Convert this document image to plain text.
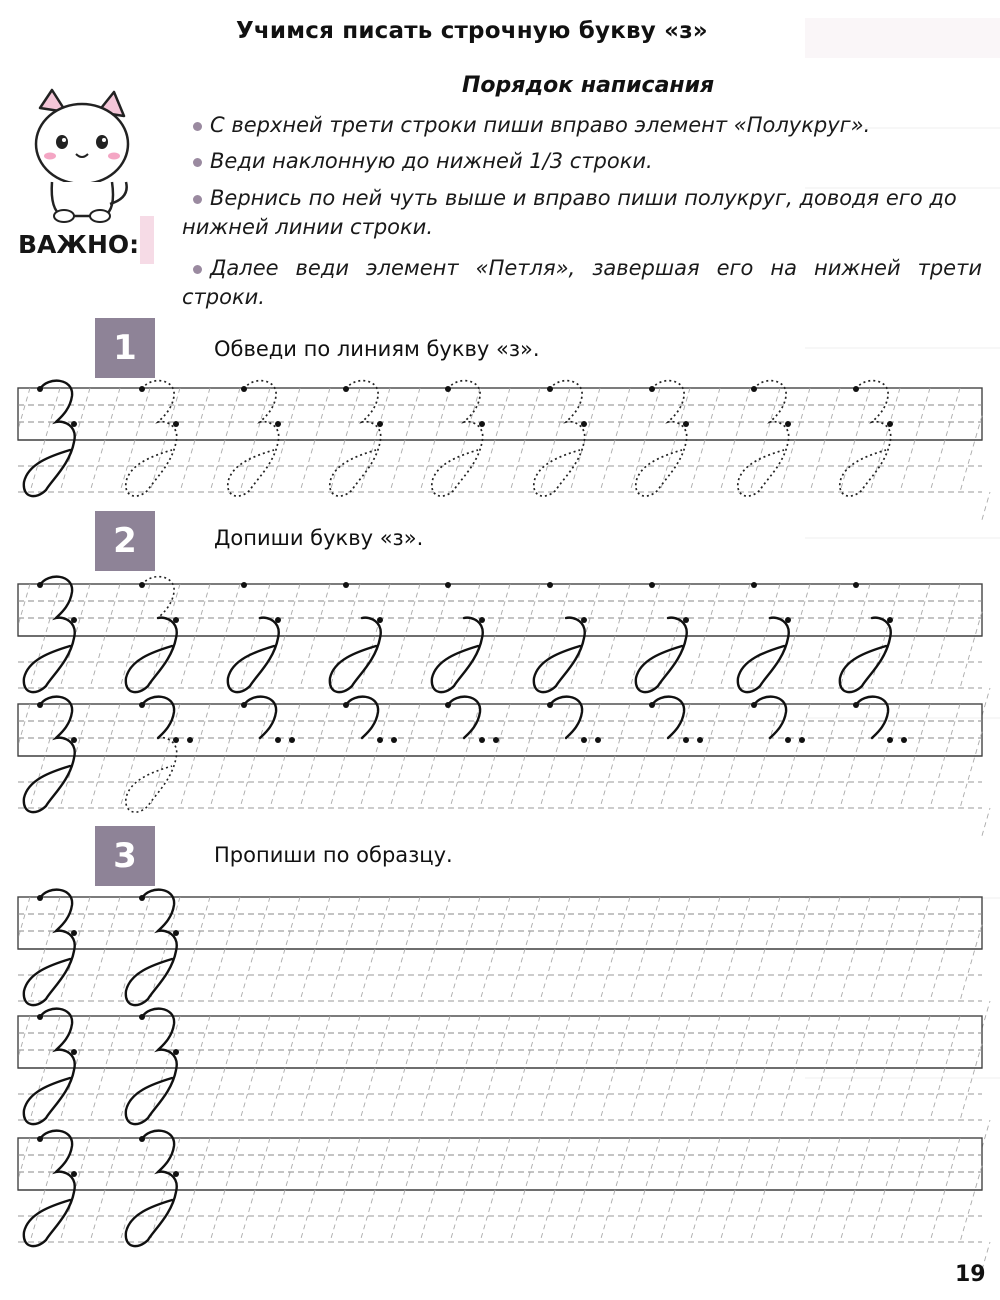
Учимся писать строчную букву «з»
Порядок написания
ВАЖНО:
С верхней трети строки пиши вправо элемент «Полукруг».
Веди наклонную до нижней 1/3 строки.
Вернись по ней чуть выше и вправо пиши полукруг, доводя его до нижней линии строки.
Далее веди элемент «Петля», завершая его на нижней трети строки.
1	Обведи по линиям букву «з».
2	Допиши букву «з».
3	Пропиши по образцу.
19
